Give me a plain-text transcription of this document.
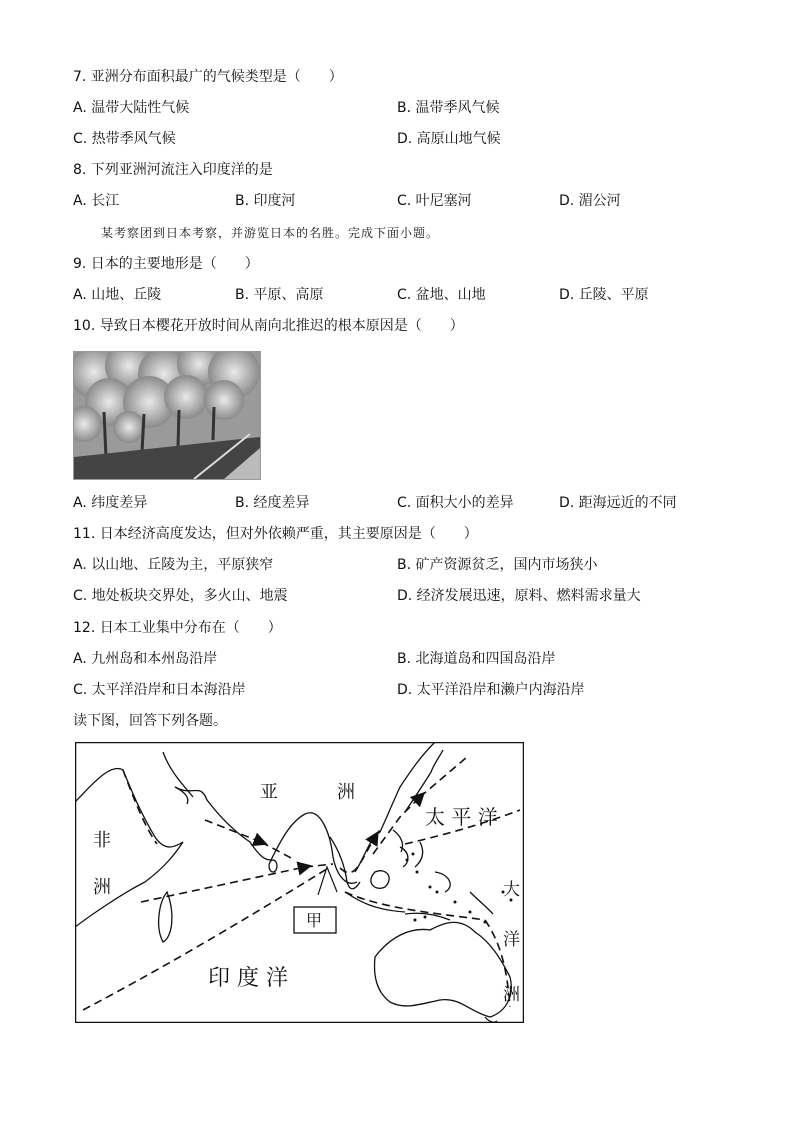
7. 亚洲分布面积最广的气候类型是（　　）
A. 温带大陆性气候	B. 温带季风气候
C. 热带季风气候	D. 高原山地气候
8. 下列亚洲河流注入印度洋的是
A. 长江	B. 印度河	C. 叶尼塞河	D. 湄公河
某考察团到日本考察，并游览日本的名胜。完成下面小题。
9. 日本的主要地形是（　　）
A. 山地、丘陵	B. 平原、高原	C. 盆地、山地	D. 丘陵、平原
10. 导致日本樱花开放时间从南向北推迟的根本原因是（　　）
A. 纬度差异	B. 经度差异	C. 面积大小的差异	D. 距海远近的不同
11. 日本经济高度发达，但对外依赖严重，其主要原因是（　　）
A. 以山地、丘陵为主，平原狭窄	B. 矿产资源贫乏，国内市场狭小
C. 地处板块交界处，多火山、地震	D. 经济发展迅速，原料、燃料需求量大
12. 日本工业集中分布在（　　）
A. 九州岛和本州岛沿岸	B. 北海道岛和四国岛沿岸
C. 太平洋沿岸和日本海沿岸	D. 太平洋沿岸和濑户内海沿岸
读下图，回答下列各题。
亚	洲
非
洲
太 平 洋
大
洋
洲
印 度 洋
甲
